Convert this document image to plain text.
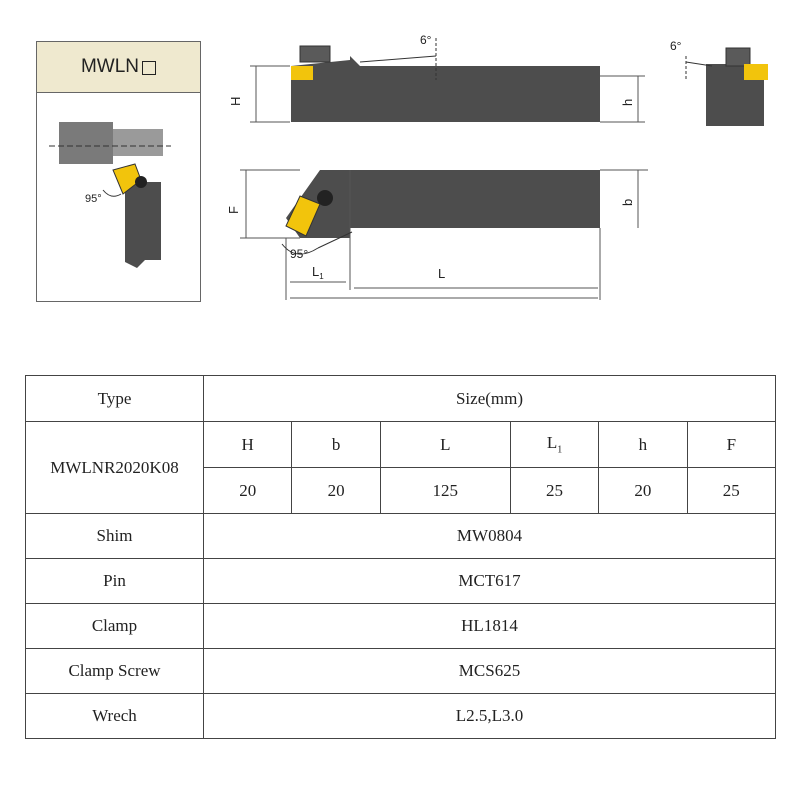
MWLN
95°
6°
H	h
F
b
95°
$L_1$	L
6°
Type	Size(mm)					
MWLNR2020K08	H	b	L	$L_1$	h	F
	20	20	125	25	20	25
Shim	MW0804					
Pin	MCT617					
Clamp	HL1814					
Clamp Screw	MCS625					
Wrech	L2.5,L3.0					
